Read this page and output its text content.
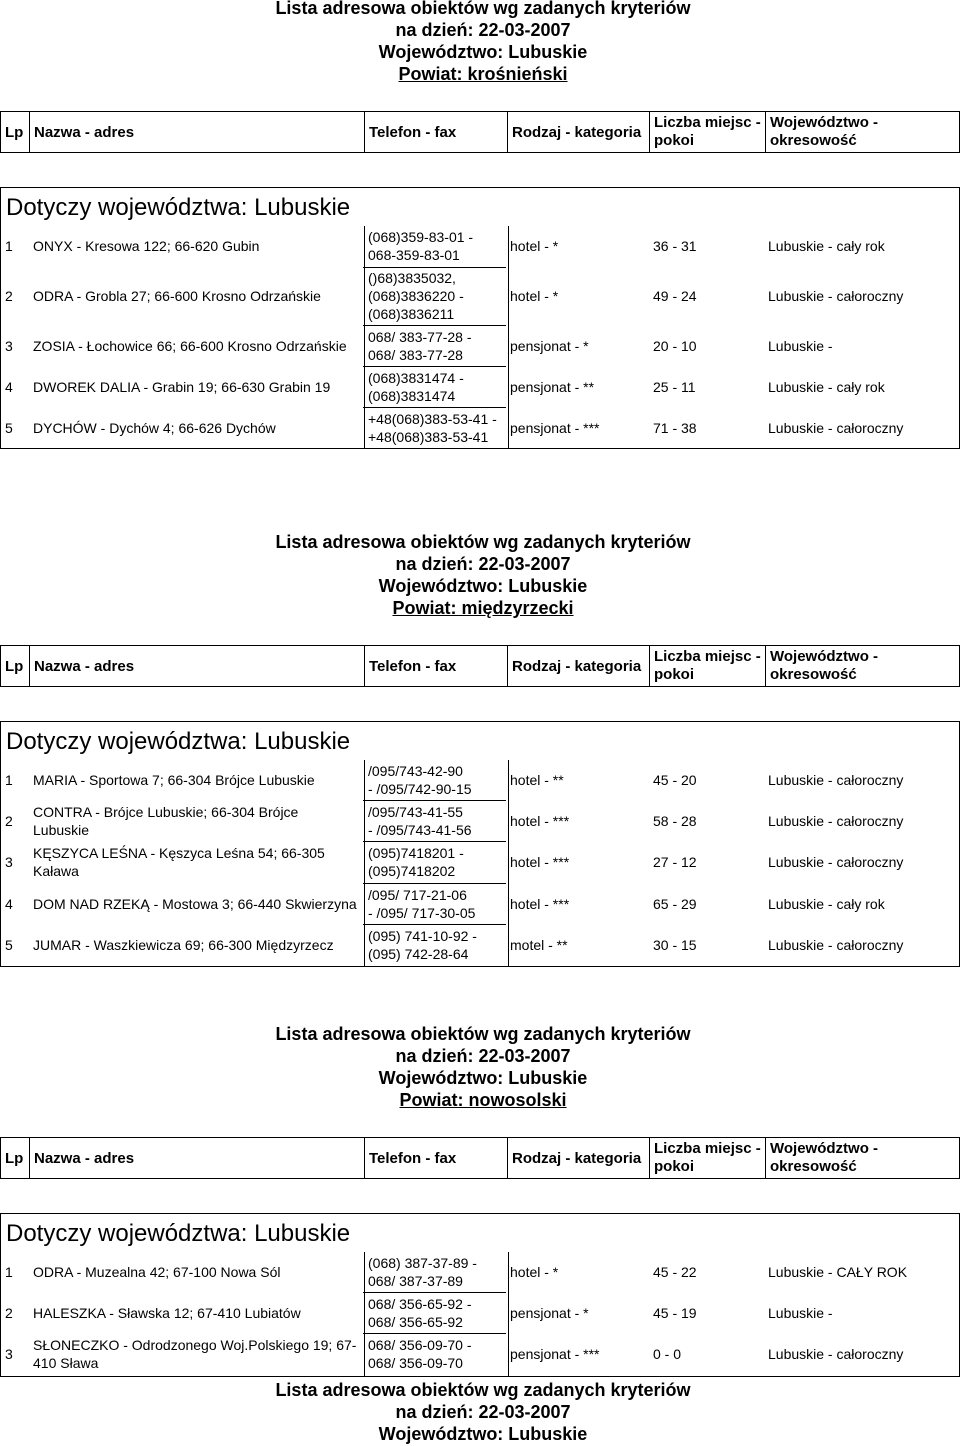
Lista adresowa obiektów wg zadanych kryteriów
na dzień: 22-03-2007
Województwo: Lubuskie
Powiat: krośnieński
Lp Nazwa - adres	Telefon - fax	Rodzaj - kategoria
Liczba miejsc -
pokoi
Województwo -
okresowość
Dotyczy województwa: Lubuskie
1 ONYX - Kresowa 122; 66-620 Gubin
(068)359-83-01 -
068-359-83-01
hotel - *	36 - 31	Lubuskie - cały rok
2 ODRA - Grobla 27; 66-600 Krosno Odrzańskie
()68)3835032,
(068)3836220 -
(068)3836211
hotel - *	49 - 24	Lubuskie - całoroczny
3 ZOSIA - Łochowice 66; 66-600 Krosno Odrzańskie
068/ 383-77-28 -
068/ 383-77-28
pensjonat - *	20 - 10	Lubuskie -
4 DWOREK DALIA - Grabin 19; 66-630 Grabin 19
(068)3831474 -
(068)3831474
pensjonat - **	25 - 11	Lubuskie - cały rok
5 DYCHÓW - Dychów 4; 66-626 Dychów
+48(068)383-53-41 -
+48(068)383-53-41
pensjonat - ***	71 - 38	Lubuskie - całoroczny
Lista adresowa obiektów wg zadanych kryteriów
na dzień: 22-03-2007
Województwo: Lubuskie
Powiat: międzyrzecki
Lp Nazwa - adres	Telefon - fax	Rodzaj - kategoria
Liczba miejsc -
pokoi
Województwo -
okresowość
Dotyczy województwa: Lubuskie
1 MARIA - Sportowa 7; 66-304 Brójce Lubuskie
/095/743-42-90
- /095/742-90-15
hotel - **	45 - 20	Lubuskie - całoroczny
2
CONTRA - Brójce Lubuskie; 66-304 Brójce Lubuskie
/095/743-41-55
- /095/743-41-56
hotel - ***	58 - 28	Lubuskie - całoroczny
3
KĘSZYCA LEŚNA - Kęszyca Leśna 54; 66-305 Kaława
(095)7418201 -
(095)7418202
hotel - ***	27 - 12	Lubuskie - całoroczny
4 DOM NAD RZEKĄ - Mostowa 3; 66-440 Skwierzyna
/095/ 717-21-06
- /095/ 717-30-05
hotel - ***	65 - 29	Lubuskie - cały rok
5 JUMAR - Waszkiewicza 69; 66-300 Międzyrzecz
(095) 741-10-92 -
(095) 742-28-64
motel - **	30 - 15	Lubuskie - całoroczny
Lista adresowa obiektów wg zadanych kryteriów
na dzień: 22-03-2007
Województwo: Lubuskie
Powiat: nowosolski
Lp Nazwa - adres	Telefon - fax	Rodzaj - kategoria
Liczba miejsc -
pokoi
Województwo -
okresowość
Dotyczy województwa: Lubuskie
1 ODRA - Muzealna 42; 67-100 Nowa Sól
(068) 387-37-89 -
068/ 387-37-89
hotel - *	45 - 22	Lubuskie - CAŁY ROK
2 HALESZKA - Sławska 12; 67-410 Lubiatów
068/ 356-65-92 -
068/ 356-65-92
pensjonat - *	45 - 19	Lubuskie -
3
SŁONECZKO - Odrodzonego Woj.Polskiego 19; 67-410 Sława
068/ 356-09-70 -
068/ 356-09-70
pensjonat - ***	0 - 0	Lubuskie - całoroczny
Lista adresowa obiektów wg zadanych kryteriów
na dzień: 22-03-2007
Województwo: Lubuskie
